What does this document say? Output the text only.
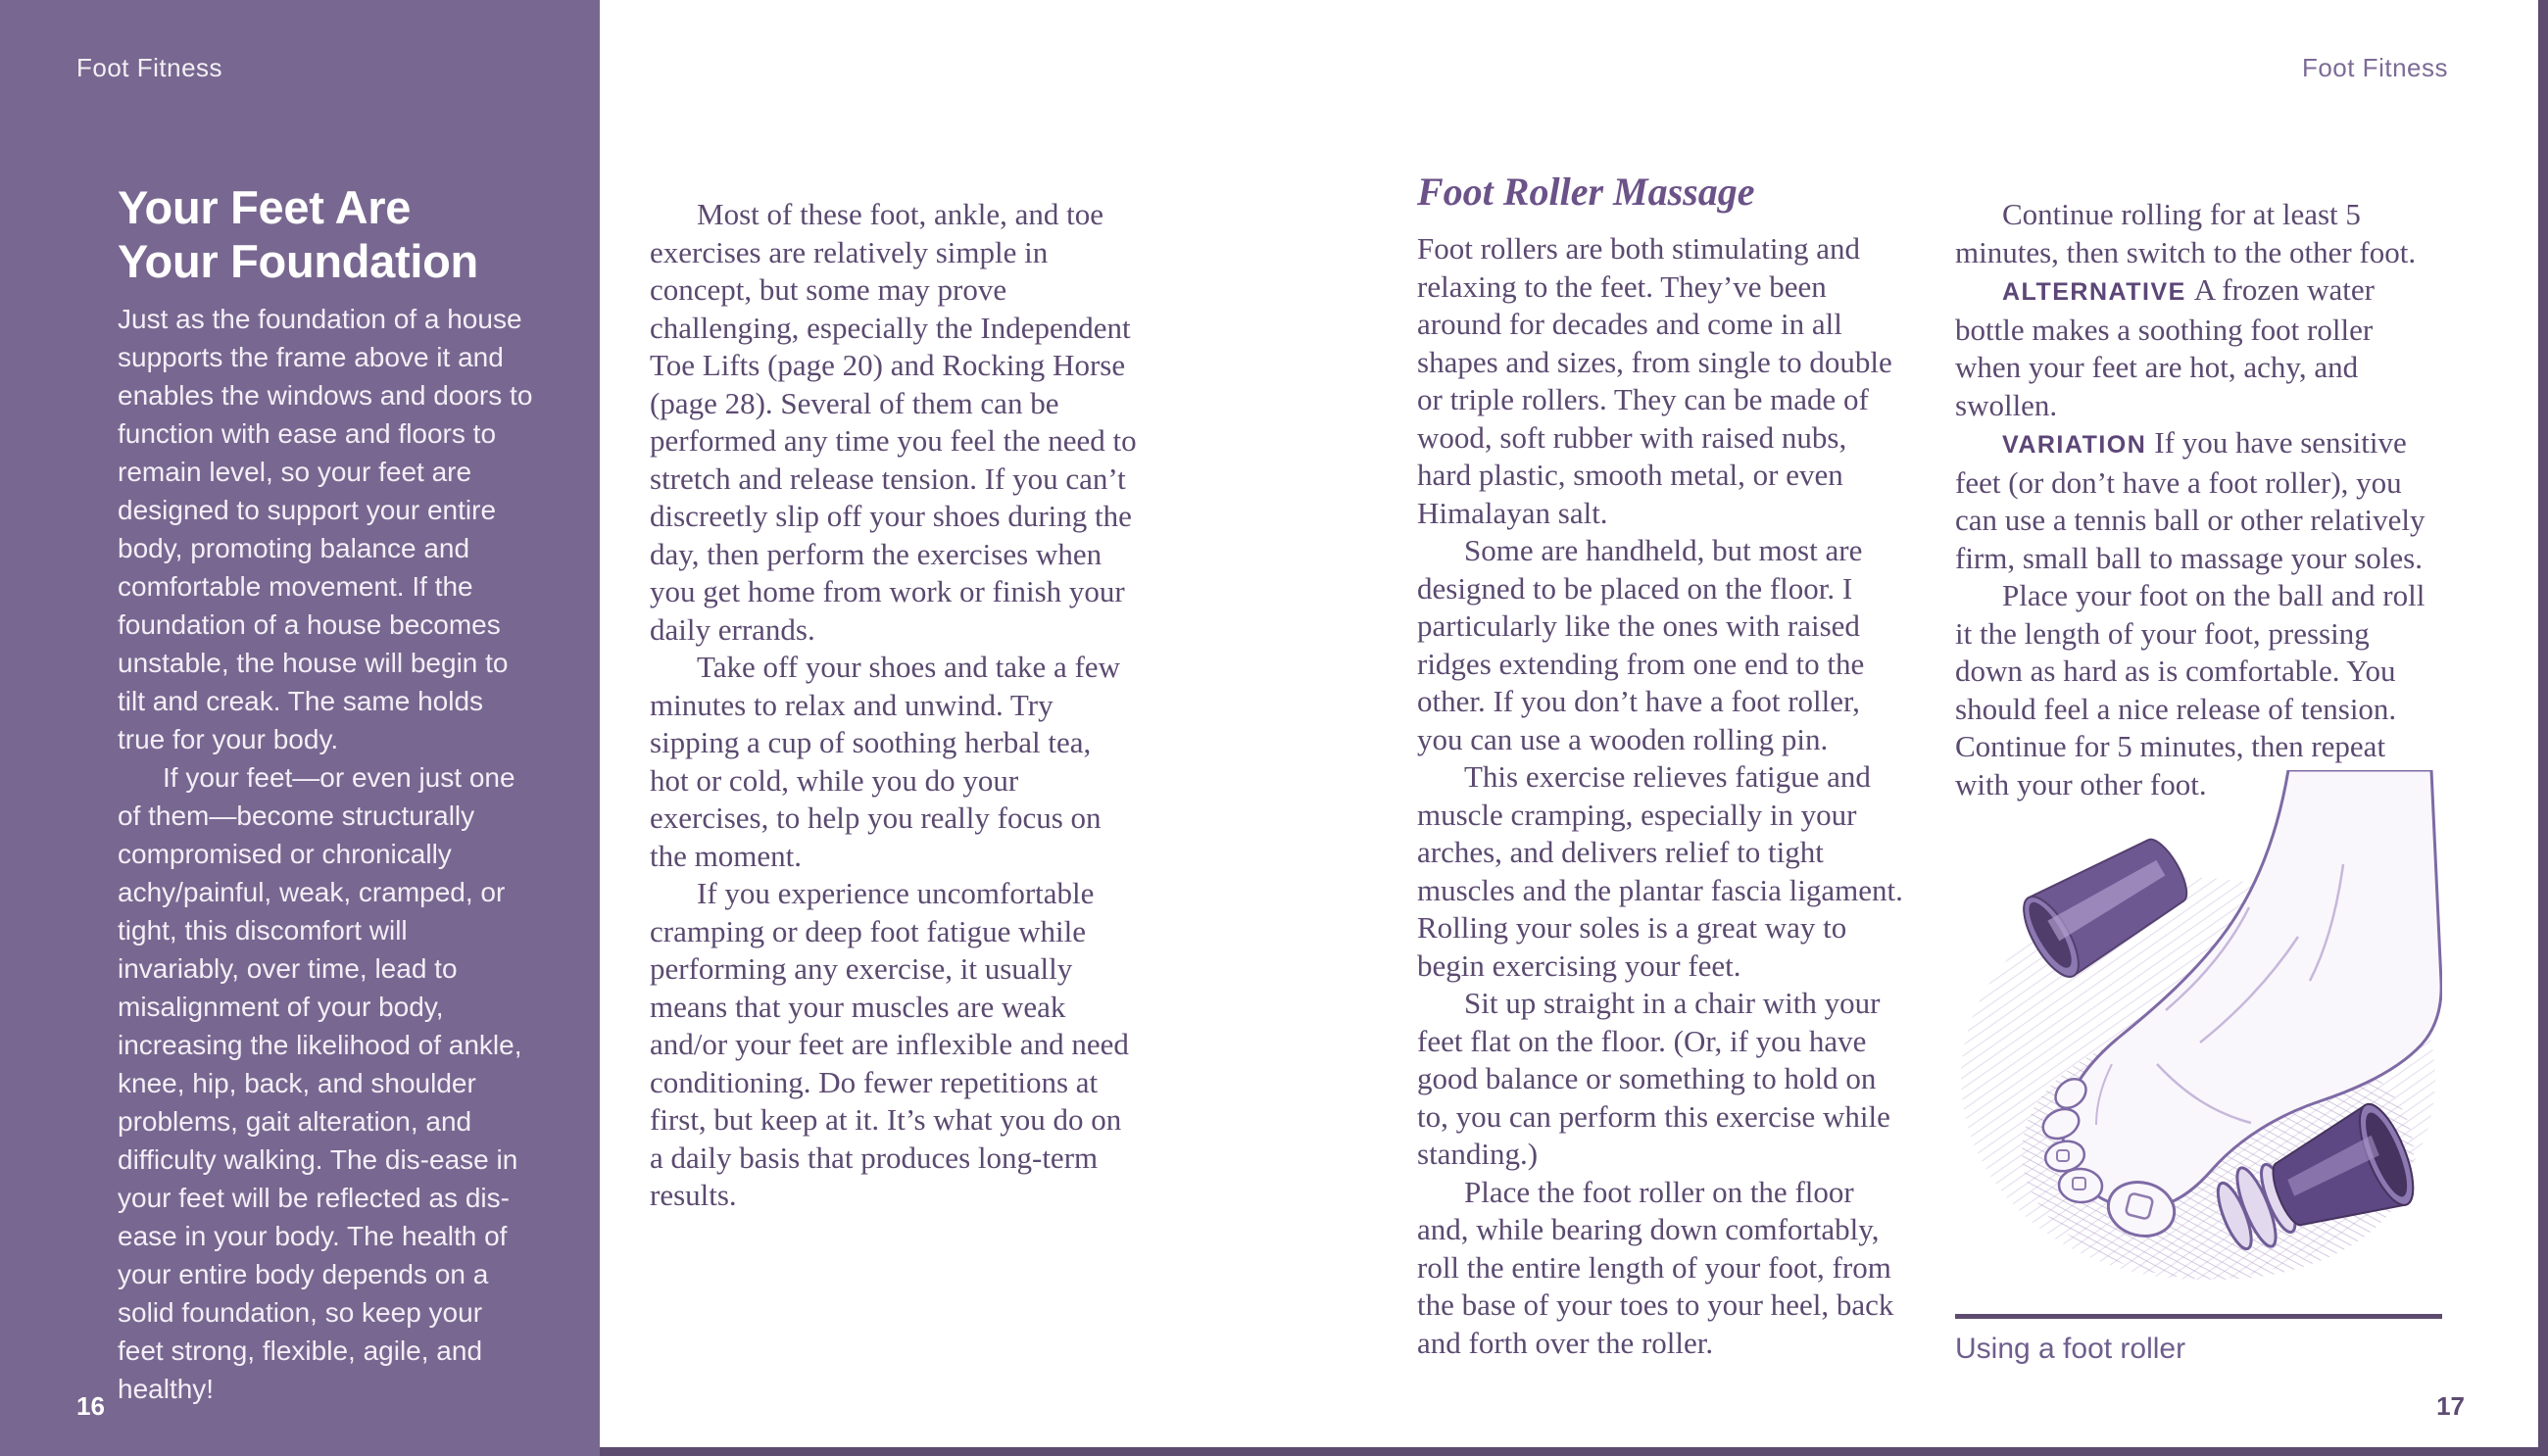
Foot Fitness	Foot Fitness
Your Feet Are
Your Foundation

Just as the foundation of a house supports the frame above it and enables the windows and doors to function with ease and floors to remain level, so your feet are designed to support your entire body, promoting balance and comfortable movement. If the foundation of a house becomes unstable, the house will begin to tilt and creak. The same holds true for your body.

If your feet—or even just one of them—become structurally compromised or chronically achy/painful, weak, cramped, or tight, this discomfort will invariably, over time, lead to misalignment of your body, increasing the likelihood of ankle, knee, hip, back, and shoulder problems, gait alteration, and difficulty walking. The dis-ease in your feet will be reflected as dis-ease in your body. The health of your entire body depends on a solid foundation, so keep your feet strong, flexible, agile, and healthy!

Most of these foot, ankle, and toe exercises are relatively simple in concept, but some may prove challenging, especially the Independent Toe Lifts (page 20) and Rocking Horse (page 28). Several of them can be performed any time you feel the need to stretch and release tension. If you can’t discreetly slip off your shoes during the day, then perform the exercises when you get home from work or finish your daily errands.

Take off your shoes and take a few minutes to relax and unwind. Try sipping a cup of soothing herbal tea, hot or cold, while you do your exercises, to help you really focus on the moment.

If you experience uncomfortable cramping or deep foot fatigue while performing any exercise, it usually means that your muscles are weak and/or your feet are inflexible and need conditioning. Do fewer repetitions at first, but keep at it. It’s what you do on a daily basis that produces long-term results.

Foot Roller Massage

Foot rollers are both stimulating and relaxing to the feet. They’ve been around for decades and come in all shapes and sizes, from single to double or triple rollers. They can be made of wood, soft rubber with raised nubs, hard plastic, smooth metal, or even Himalayan salt.

Some are handheld, but most are designed to be placed on the floor. I particularly like the ones with raised ridges extending from one end to the other. If you don’t have a foot roller, you can use a wooden rolling pin.

This exercise relieves fatigue and muscle cramping, especially in your arches, and delivers relief to tight muscles and the plantar fascia ligament. Rolling your soles is a great way to begin exercising your feet.

Sit up straight in a chair with your feet flat on the floor. (Or, if you have good balance or something to hold on to, you can perform this exercise while standing.)

Place the foot roller on the floor and, while bearing down comfortably, roll the entire length of your foot, from the base of your toes to your heel, back and forth over the roller.

Continue rolling for at least 5 minutes, then switch to the other foot.

ALTERNATIVE A frozen water bottle makes a soothing foot roller when your feet are hot, achy, and swollen.

VARIATION If you have sensitive feet (or don’t have a foot roller), you can use a tennis ball or other relatively firm, small ball to massage your soles.

Place your foot on the ball and roll it the length of your foot, pressing down as hard as is comfortable. You should feel a nice release of tension. Continue for 5 minutes, then repeat with your other foot.

Using a foot roller
16	17
